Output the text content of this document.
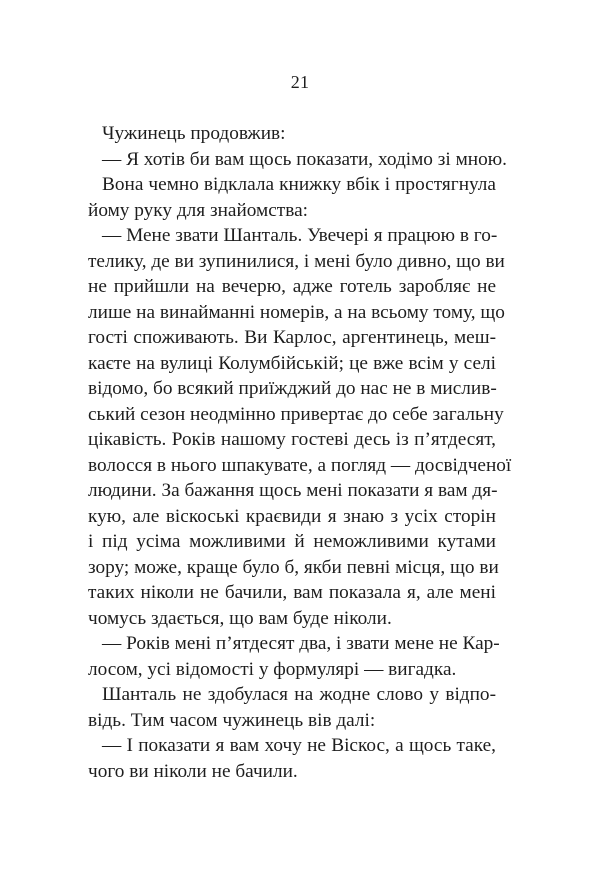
21
Чужинець продовжив:
— Я хотів би вам щось показати, ходімо зі мною.
Вона чемно відклала книжку вбік і простягнула
йому руку для знайомства:
— Мене звати Шанталь. Увечері я працюю в го-
телику, де ви зупинилися, і мені було дивно, що ви
не прийшли на вечерю, адже готель заробляє не
лише на винайманні номерів, а на всьому тому, що
гості споживають. Ви Карлос, аргентинець, меш-
каєте на вулиці Колумбійській; це вже всім у селі
відомо, бо всякий приїжджий до нас не в мислив-
ський сезон неодмінно привертає до себе загальну
цікавість. Років нашому гостеві десь із п’ятдесят,
волосся в нього шпакувате, а погляд — досвідченої
людини. За бажання щось мені показати я вам дя-
кую, але віскоські краєвиди я знаю з усіх сторін
і під усіма можливими й неможливими кутами
зору; може, краще було б, якби певні місця, що ви
таких ніколи не бачили, вам показала я, але мені
чомусь здається, що вам буде ніколи.
— Років мені п’ятдесят два, і звати мене не Кар-
лосом, усі відомості у формулярі — вигадка.
Шанталь не здобулася на жодне слово у відпо-
відь. Тим часом чужинець вів далі:
— І показати я вам хочу не Віскос, а щось таке,
чого ви ніколи не бачили.
